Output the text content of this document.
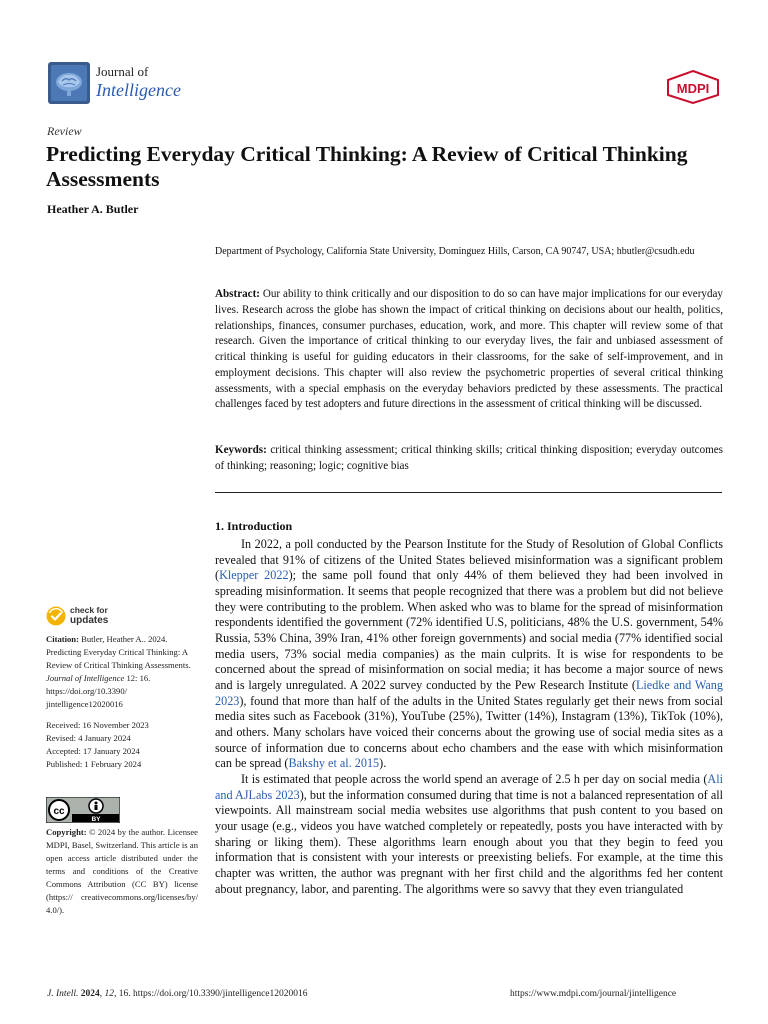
Journal of
Intelligence	MDPI
Review
Predicting Everyday Critical Thinking: A Review of Critical Thinking Assessments
Heather A. Butler
Department of Psychology, California State University, Dominguez Hills, Carson, CA 90747, USA; hbutler@csudh.edu
Abstract: Our ability to think critically and our disposition to do so can have major implications for our everyday lives. Research across the globe has shown the impact of critical thinking on decisions about our health, politics, relationships, finances, consumer purchases, education, work, and more. This chapter will review some of that research. Given the importance of critical thinking to our everyday lives, the fair and unbiased assessment of critical thinking is useful for guiding educators in their classrooms, for the sake of self-improvement, and in employment decisions. This chapter will also review the psychometric properties of several critical thinking assessments, with a special emphasis on the everyday behaviors predicted by these assessments. The practical challenges faced by test adopters and future directions in the assessment of critical thinking will be discussed.
Keywords: critical thinking assessment; critical thinking skills; critical thinking disposition; everyday outcomes of thinking; reasoning; logic; cognitive bias
1. Introduction

In 2022, a poll conducted by the Pearson Institute for the Study of Resolution of Global Conflicts revealed that 91% of citizens of the United States believed misinformation was a significant problem (Klepper 2022); the same poll found that only 44% of them believed they had been involved in spreading misinformation. It seems that people recognized that there was a problem but did not believe they were contributing to the problem. When asked who was to blame for the spread of misinformation respondents identified the government (72% identified U.S, politicians, 48% the U.S. government, 54% Russia, 53% China, 39% Iran, 41% other foreign governments) and social media (77% identified social media users, 73% social media companies) as the main culprits. It is wise for respondents to be concerned about the spread of misinformation on social media; it has become a major source of news and is largely unregulated. A 2022 survey conducted by the Pew Research Institute (Liedke and Wang 2023), found that more than half of the adults in the United States regularly get their news from social media sites such as Facebook (31%), YouTube (25%), Twitter (14%), Instagram (13%), TikTok (10%), and others. Many scholars have voiced their concerns about the growing use of social media sites as a source of information due to concerns about echo chambers and the ease with which misinformation can be spread (Bakshy et al. 2015).

It is estimated that people across the world spend an average of 2.5 h per day on social media (Ali and AJLabs 2023), but the information consumed during that time is not a balanced representation of all viewpoints. All mainstream social media websites use algorithms that push content to you based on your usage (e.g., videos you have watched completely or repeatedly, posts you have interacted with by sharing or liking them). These algorithms learn enough about you that they begin to feed you information that is consistent with your interests or preexisting beliefs. For example, at the time this chapter was written, the author was pregnant with her first child and the algorithms fed her content about pregnancy, labor, and parenting. The algorithms were so savvy that they even triangulated

check for
updates
Citation: Butler, Heather A.. 2024. Predicting Everyday Critical Thinking: A Review of Critical Thinking Assessments. Journal of Intelligence 12: 16. https://doi.org/10.3390/ jintelligence12020016
Received: 16 November 2023
Revised: 4 January 2024
Accepted: 17 January 2024
Published: 1 February 2024
cc
BY
Copyright: © 2024 by the author. Licensee MDPI, Basel, Switzerland. This article is an open access article distributed under the terms and conditions of the Creative Commons Attribution (CC BY) license (https:// creativecommons.org/licenses/by/ 4.0/).
J. Intell. 2024, 12, 16. https://doi.org/10.3390/jintelligence12020016	https://www.mdpi.com/journal/jintelligence
